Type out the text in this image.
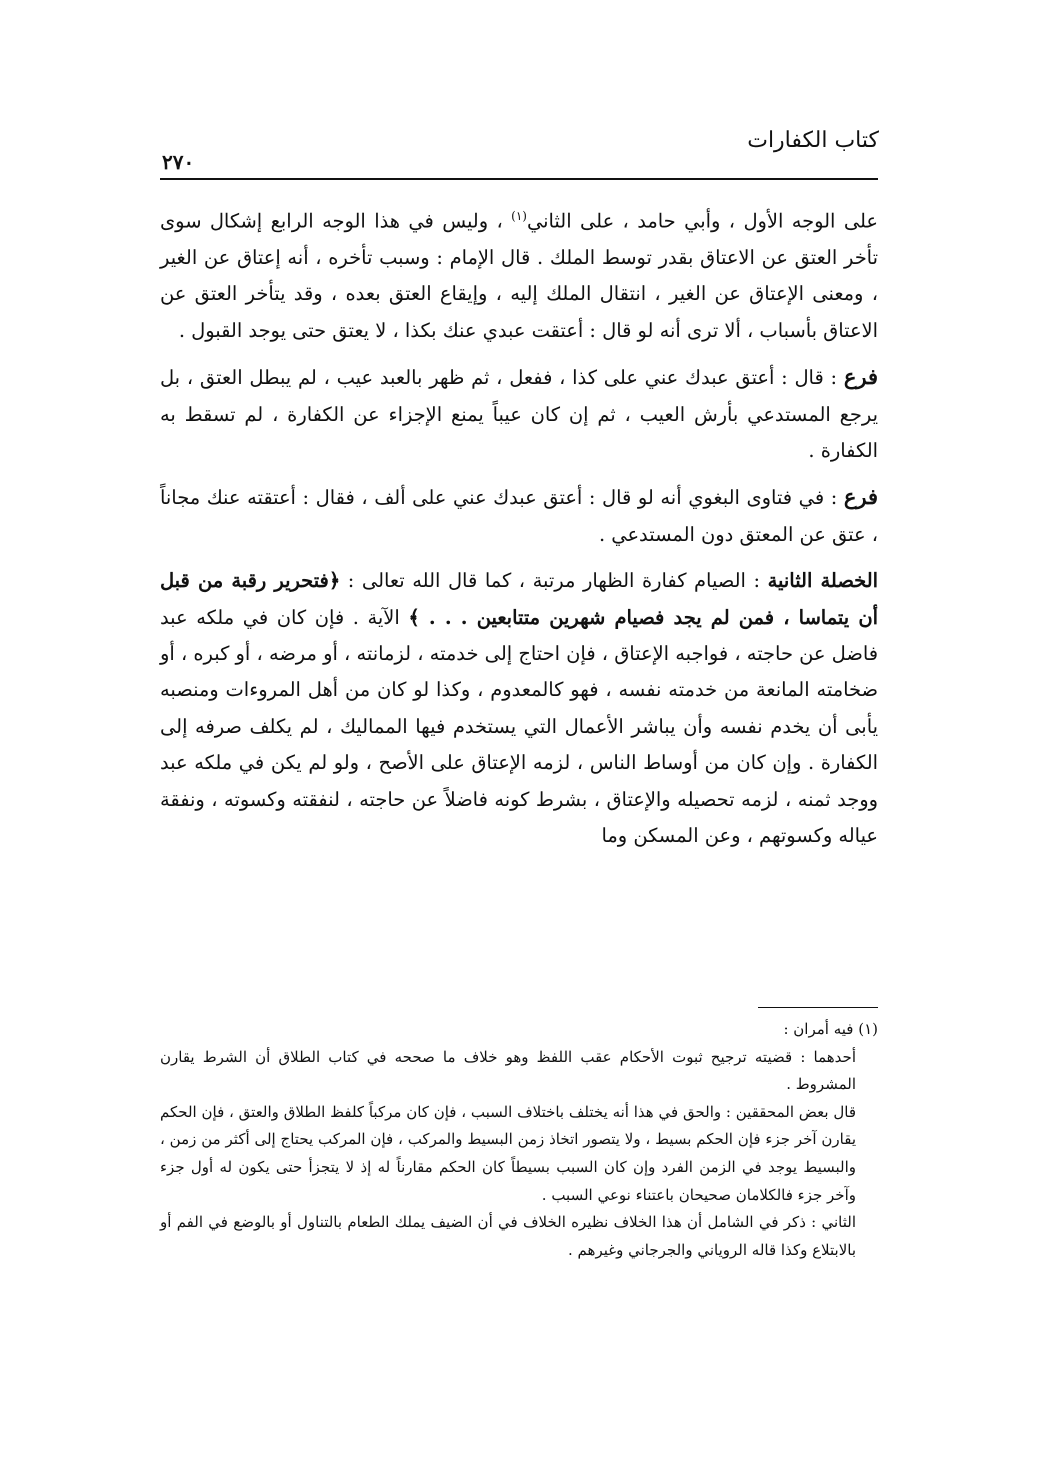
كتاب الكفارات
٢٧٠

على الوجه الأول ، وأبي حامد ، على الثاني$^{(١)}$ ، وليس في هذا الوجه الرابع إشكال سوى تأخر العتق عن الاعتاق بقدر توسط الملك . قال الإمام : وسبب تأخره ، أنه إعتاق عن الغير ، ومعنى الإعتاق عن الغير ، انتقال الملك إليه ، وإيقاع العتق بعده ، وقد يتأخر العتق عن الاعتاق بأسباب ، ألا ترى أنه لو قال : أعتقت عبدي عنك بكذا ، لا يعتق حتى يوجد القبول .

فرع : قال : أعتق عبدك عني على كذا ، ففعل ، ثم ظهر بالعبد عيب ، لم يبطل العتق ، بل يرجع المستدعي بأرش العيب ، ثم إن كان عيباً يمنع الإجزاء عن الكفارة ، لم تسقط به الكفارة .

فرع : في فتاوى البغوي أنه لو قال : أعتق عبدك عني على ألف ، فقال : أعتقته عنك مجاناً ، عتق عن المعتق دون المستدعي .

الخصلة الثانية : الصيام كفارة الظهار مرتبة ، كما قال الله تعالى : ﴿فتحرير رقبة من قبل أن يتماسا ، فمن لم يجد فصيام شهرين متتابعين . . . ﴾ الآية . فإن كان في ملكه عبد فاضل عن حاجته ، فواجبه الإعتاق ، فإن احتاج إلى خدمته ، لزمانته ، أو مرضه ، أو كبره ، أو ضخامته المانعة من خدمته نفسه ، فهو كالمعدوم ، وكذا لو كان من أهل المروءات ومنصبه يأبى أن يخدم نفسه وأن يباشر الأعمال التي يستخدم فيها المماليك ، لم يكلف صرفه إلى الكفارة . وإن كان من أوساط الناس ، لزمه الإعتاق على الأصح ، ولو لم يكن في ملكه عبد ووجد ثمنه ، لزمه تحصيله والإعتاق ، بشرط كونه فاضلاً عن حاجته ، لنفقته وكسوته ، ونفقة عياله وكسوتهم ، وعن المسكن وما

(١) فيه أمران :

أحدهما : قضيته ترجيح ثبوت الأحكام عقب اللفظ وهو خلاف ما صححه في كتاب الطلاق أن الشرط يقارن المشروط .

قال بعض المحققين : والحق في هذا أنه يختلف باختلاف السبب ، فإن كان مركباً كلفظ الطلاق والعتق ، فإن الحكم يقارن آخر جزء فإن الحكم بسيط ، ولا يتصور اتخاذ زمن البسيط والمركب ، فإن المركب يحتاج إلى أكثر من زمن ، والبسيط يوجد في الزمن الفرد وإن كان السبب بسيطاً كان الحكم مقارناً له إذ لا يتجزأ حتى يكون له أول جزء وآخر جزء فالكلامان صحيحان باعتناء نوعي السبب .

الثاني : ذكر في الشامل أن هذا الخلاف نظيره الخلاف في أن الضيف يملك الطعام بالتناول أو بالوضع في الفم أو بالابتلاع وكذا قاله الروياني والجرجاني وغيرهم .
